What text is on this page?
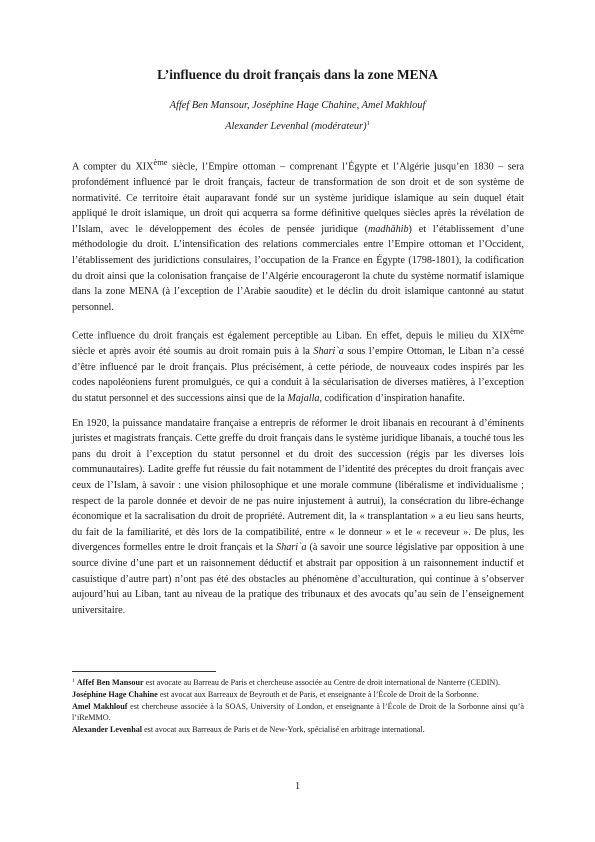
L’influence du droit français dans la zone MENA
Affef Ben Mansour, Joséphine Hage Chahine, Amel Makhlouf
Alexander Levenhal (modérateur)$^1$

A compter du XIXème siècle, l’Empire ottoman – comprenant l’Égypte et l’Algérie jusqu’en 1830 – sera profondément influencé par le droit français, facteur de transformation de son droit et de son système de normativité. Ce territoire était auparavant fondé sur un système juridique islamique au sein duquel était appliqué le droit islamique, un droit qui acquerra sa forme définitive quelques siècles après la révélation de l’Islam, avec le développement des écoles de pensée juridique (madhāhib) et l’établissement d’une méthodologie du droit. L’intensification des relations commerciales entre l’Empire ottoman et l’Occident, l’établissement des juridictions consulaires, l’occupation de la France en Égypte (1798-1801), la codification du droit ainsi que la colonisation française de l’Algérie encourageront la chute du système normatif islamique dans la zone MENA (à l’exception de l’Arabie saoudite) et le déclin du droit islamique cantonné au statut personnel.

Cette influence du droit français est également perceptible au Liban. En effet, depuis le milieu du XIXème siècle et après avoir été soumis au droit romain puis à la Shari`a sous l’empire Ottoman, le Liban n’a cessé d’être influencé par le droit français. Plus précisément, à cette période, de nouveaux codes inspirés par les codes napoléoniens furent promulgués, ce qui a conduit à la sécularisation de diverses matières, à l’exception du statut personnel et des successions ainsi que de la Majalla, codification d’inspiration hanafite.

En 1920, la puissance mandataire française a entrepris de réformer le droit libanais en recourant à d’éminents juristes et magistrats français. Cette greffe du droit français dans le système juridique libanais, a touché tous les pans du droit à l’exception du statut personnel et du droit des succession (régis par les diverses lois communautaires). Ladite greffe fut réussie du fait notamment de l’identité des préceptes du droit français avec ceux de l’Islam, à savoir : une vision philosophique et une morale commune (libéralisme et individualisme ; respect de la parole donnée et devoir de ne pas nuire injustement à autrui), la consécration du libre-échange économique et la sacralisation du droit de propriété. Autrement dit, la « transplantation » a eu lieu sans heurts, du fait de la familiarité, et dès lors de la compatibilité, entre « le donneur » et le « receveur ». De plus, les divergences formelles entre le droit français et la Shari`a (à savoir une source législative par opposition à une source divine d’une part et un raisonnement déductif et abstrait par opposition à un raisonnement inductif et casuistique d’autre part) n’ont pas été des obstacles au phénomène d’acculturation, qui continue à s’observer aujourd’hui au Liban, tant au niveau de la pratique des tribunaux et des avocats qu’au sein de l’enseignement universitaire.

$^1$ Affef Ben Mansour est avocate au Barreau de Paris et chercheuse associée au Centre de droit international de Nanterre (CEDIN).
Joséphine Hage Chahine est avocat aux Barreaux de Beyrouth et de Paris, et enseignante à l’École de Droit de la Sorbonne.
Amel Makhlouf est chercheuse associée à la SOAS, University of London, et enseignante à l’École de Droit de la Sorbonne ainsi qu’à l’iReMMO.
Alexander Levenhal est avocat aux Barreaux de Paris et de New-York, spécialisé en arbitrage international.
1
